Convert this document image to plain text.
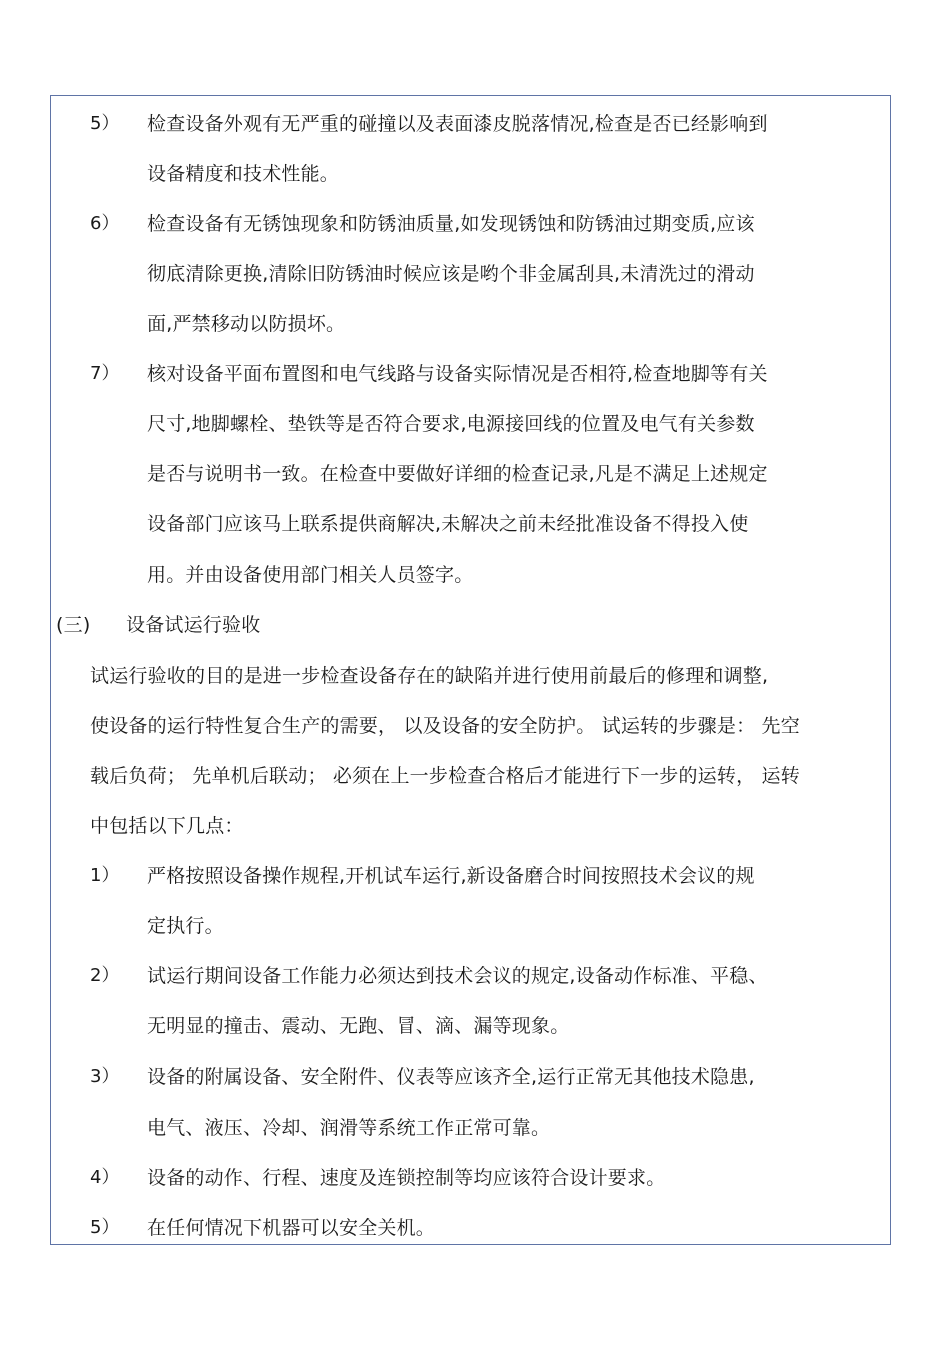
5） 检查设备外观有无严重的碰撞以及表面漆皮脱落情况,检查是否已经影响到
设备精度和技术性能。
6） 检查设备有无锈蚀现象和防锈油质量,如发现锈蚀和防锈油过期变质,应该
彻底清除更换,清除旧防锈油时候应该是哟个非金属刮具,未清洗过的滑动
面,严禁移动以防损坏。
7） 核对设备平面布置图和电气线路与设备实际情况是否相符,检查地脚等有关
尺寸,地脚螺栓、垫铁等是否符合要求,电源接回线的位置及电气有关参数
是否与说明书一致。在检查中要做好详细的检查记录,凡是不满足上述规定
设备部门应该马上联系提供商解决,未解决之前未经批准设备不得投入使
用。并由设备使用部门相关人员签字。
(三) 设备试运行验收
试运行验收的目的是进一步检查设备存在的缺陷并进行使用前最后的修理和调整,
使设备的运行特性复合生产的需要， 以及设备的安全防护。 试运转的步骤是： 先空
载后负荷； 先单机后联动； 必须在上一步检查合格后才能进行下一步的运转， 运转
中包括以下几点：
1） 严格按照设备操作规程,开机试车运行,新设备磨合时间按照技术会议的规
定执行。
2） 试运行期间设备工作能力必须达到技术会议的规定,设备动作标准、平稳、
无明显的撞击、震动、无跑、冒、滴、漏等现象。
3） 设备的附属设备、安全附件、仪表等应该齐全,运行正常无其他技术隐患,
电气、液压、冷却、润滑等系统工作正常可靠。
4） 设备的动作、行程、速度及连锁控制等均应该符合设计要求。
5） 在任何情况下机器可以安全关机。
